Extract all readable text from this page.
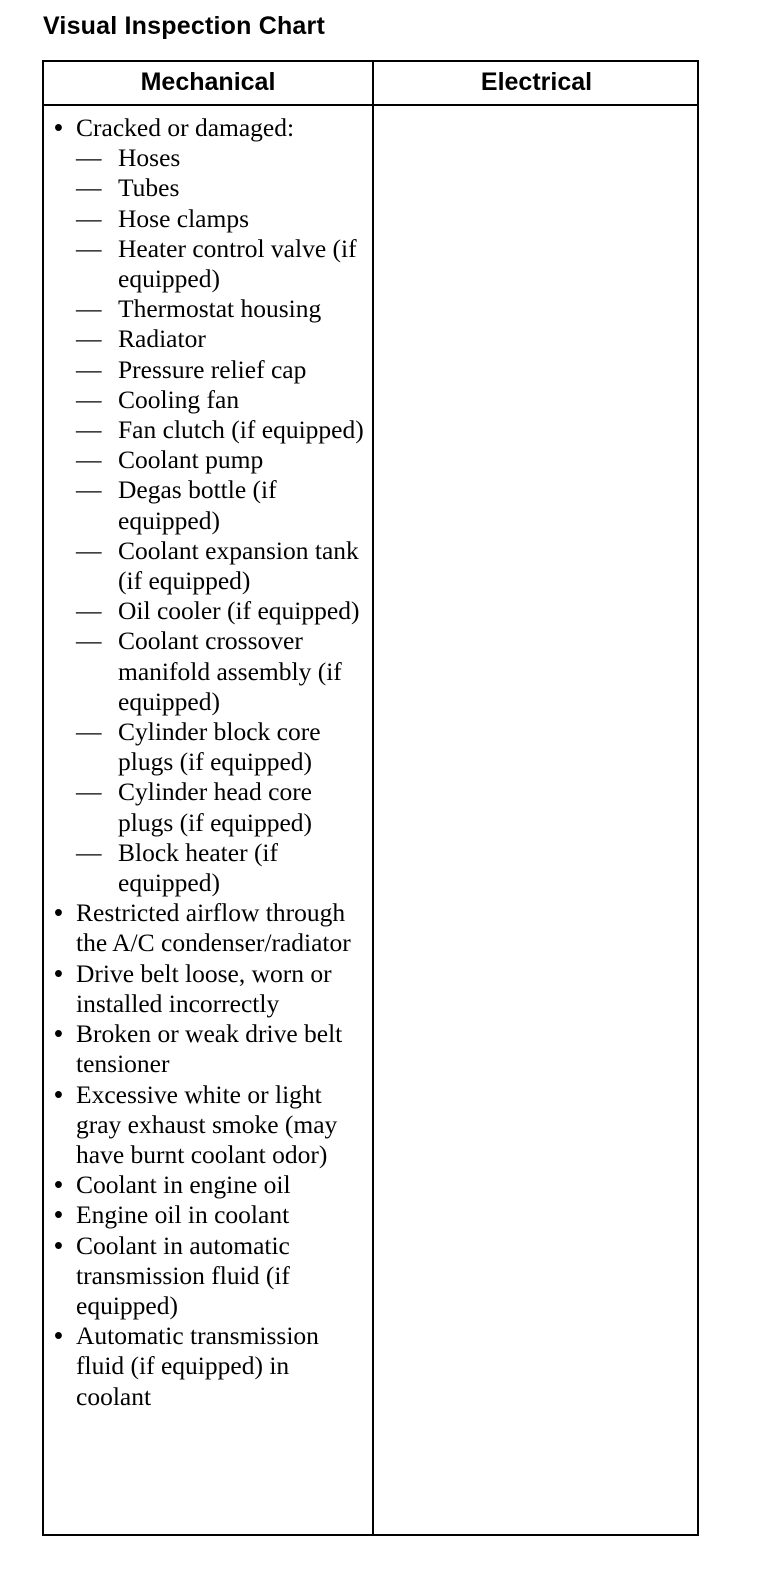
Visual Inspection Chart
Mechanical	Electrical
• Cracked or damaged:
— Hoses
— Tubes
— Hose clamps
— Heater control valve (if equipped)
— Thermostat housing
— Radiator
— Pressure relief cap
— Cooling fan
— Fan clutch (if equipped)
— Coolant pump
— Degas bottle (if equipped)
— Coolant expansion tank (if equipped)
— Oil cooler (if equipped)
— Coolant crossover manifold assembly (if equipped)
— Cylinder block core plugs (if equipped)
— Cylinder head core plugs (if equipped)
— Block heater (if equipped)
• Restricted airflow through the A/C condenser/radiator
• Drive belt loose, worn or installed incorrectly
• Broken or weak drive belt tensioner
• Excessive white or light gray exhaust smoke (may have burnt coolant odor)
• Coolant in engine oil
• Engine oil in coolant
• Coolant in automatic transmission fluid (if equipped)
• Automatic transmission fluid (if equipped) in coolant
